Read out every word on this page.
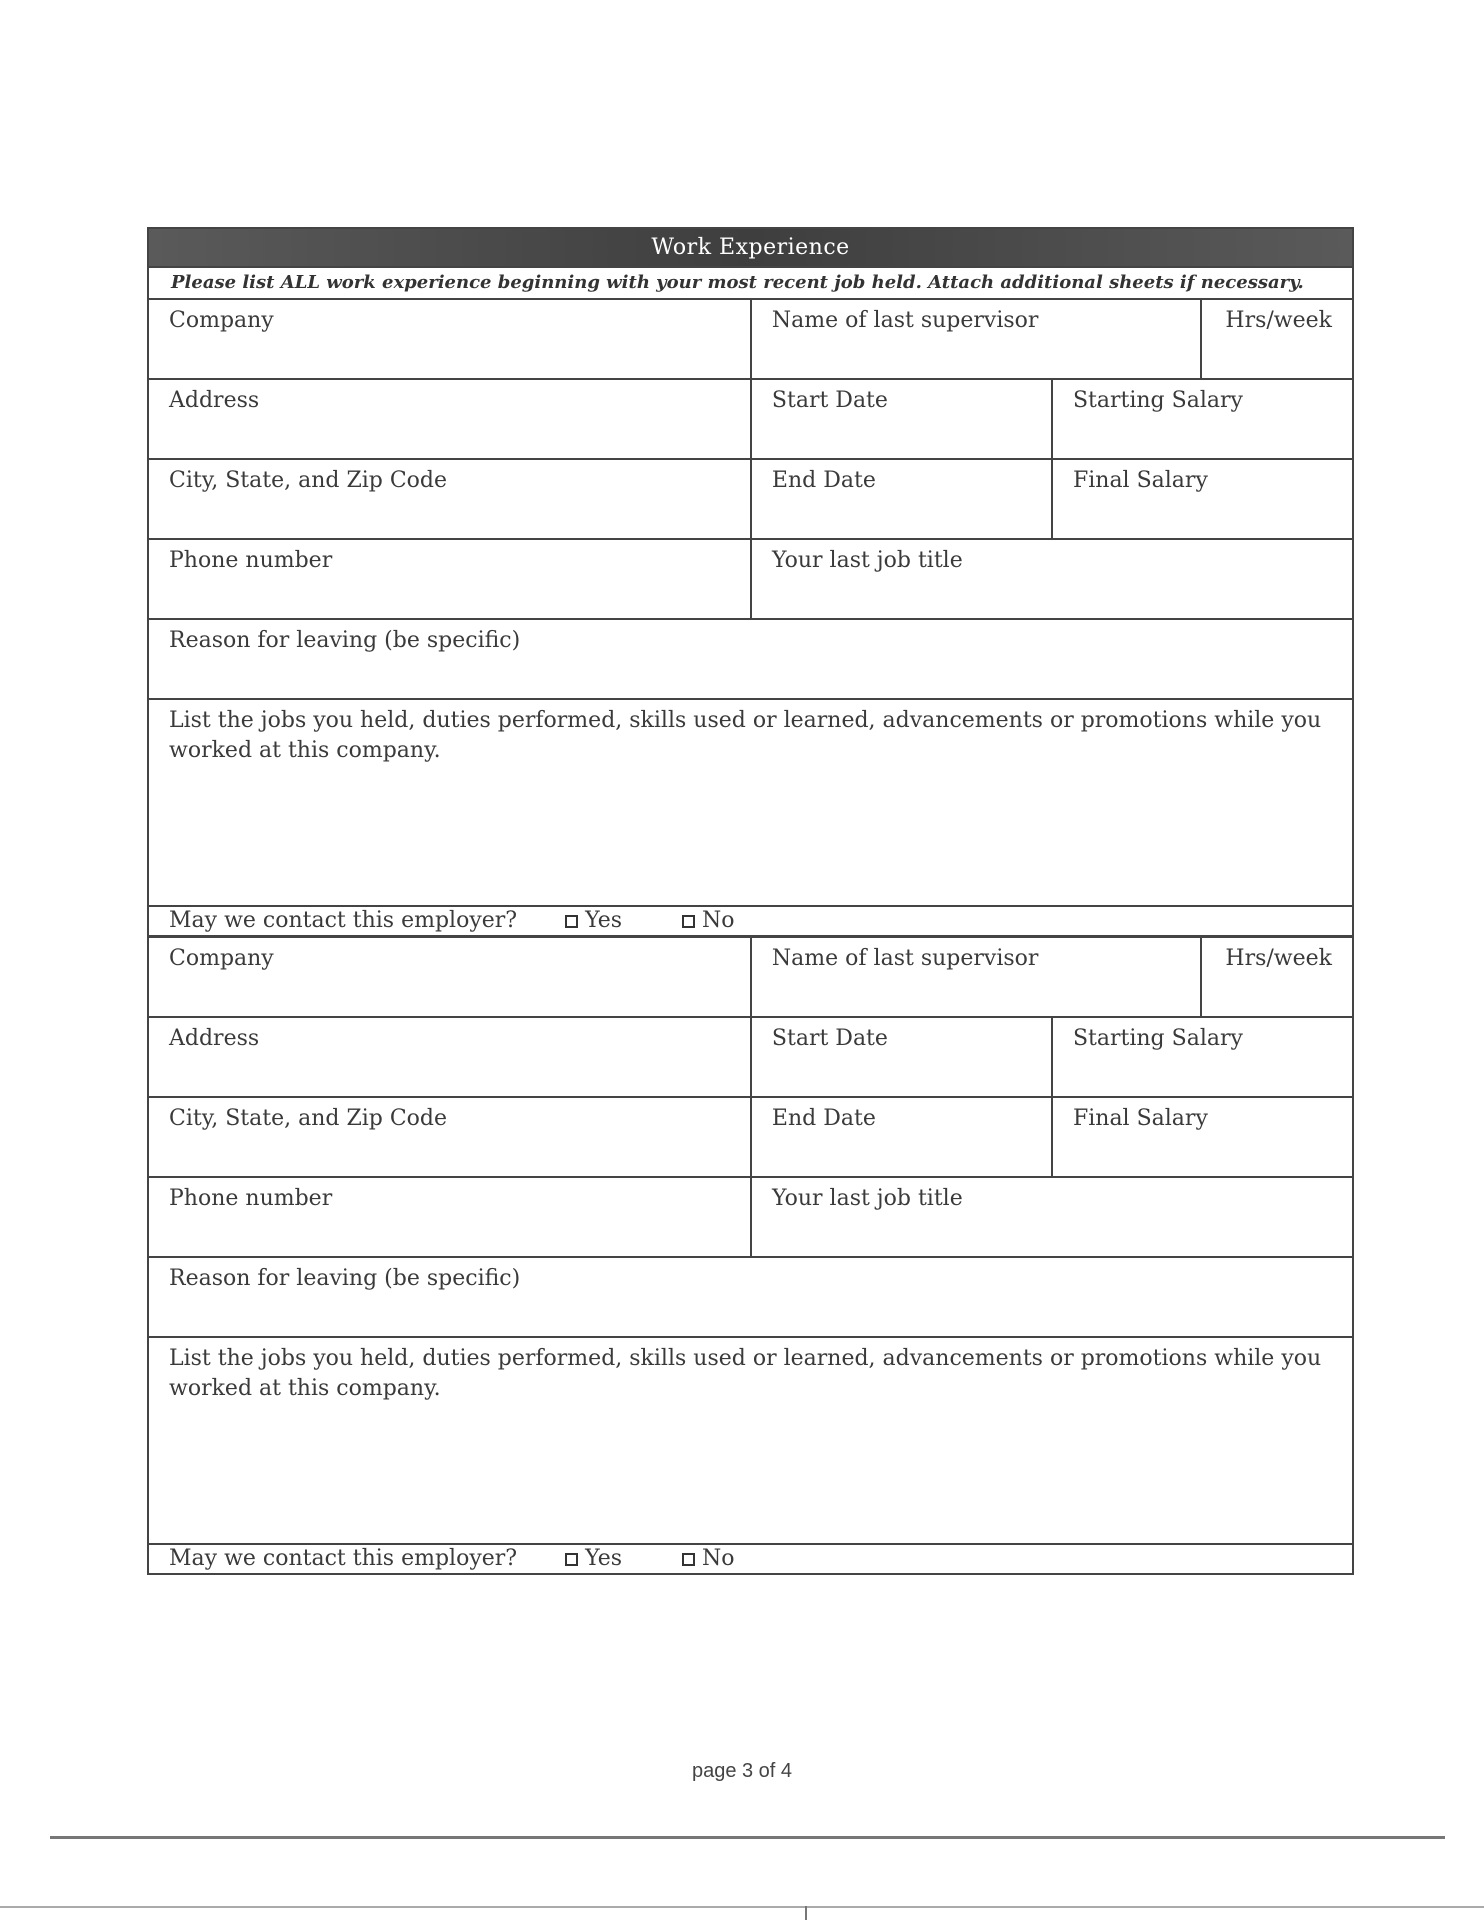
Work Experience
Please list ALL work experience beginning with your most recent job held. Attach additional sheets if necessary.
Company	Name of last supervisor	Hrs/week
Address	Start Date	Starting Salary
City, State, and Zip Code	End Date	Final Salary
Phone number	Your last job title
Reason for leaving (be specific)
List the jobs you held, duties performed, skills used or learned, advancements or promotions while you worked at this company.
May we contact this employer?	Yes	No
Company	Name of last supervisor	Hrs/week
Address	Start Date	Starting Salary
City, State, and Zip Code	End Date	Final Salary
Phone number	Your last job title
Reason for leaving (be specific)
List the jobs you held, duties performed, skills used or learned, advancements or promotions while you worked at this company.
May we contact this employer?	Yes	No
page 3 of 4
